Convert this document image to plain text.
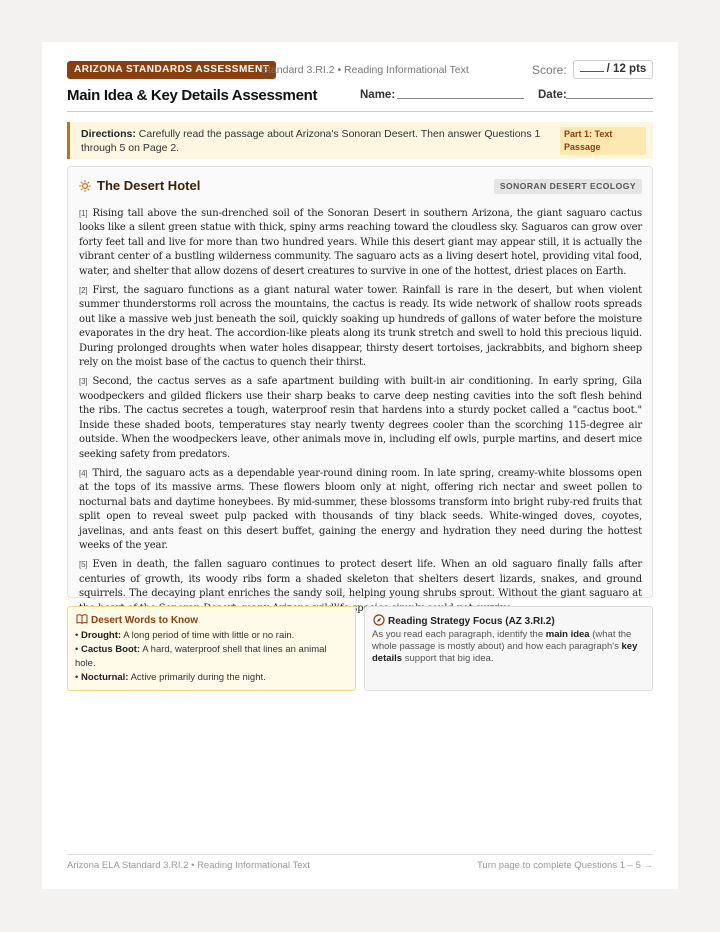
ARIZONA STANDARDS ASSESSMENT
Standard 3.RI.2 • Reading Informational Text	Score:	/ 12 pts
Main Idea & Key Details Assessment	Name:	Date:
Directions: Carefully read the passage about Arizona's Sonoran Desert. Then answer Questions 1 through 5 on Page 2.
Part 1: Text Passage
The Desert Hotel	SONORAN DESERT ECOLOGY

[1] Rising tall above the sun-drenched soil of the Sonoran Desert in southern Arizona, the giant saguaro cactus looks like a silent green statue with thick, spiny arms reaching toward the cloudless sky. Saguaros can grow over forty feet tall and live for more than two hundred years. While this desert giant may appear still, it is actually the vibrant center of a bustling wilderness community. The saguaro acts as a living desert hotel, providing vital food, water, and shelter that allow dozens of desert creatures to survive in one of the hottest, driest places on Earth.

[2] First, the saguaro functions as a giant natural water tower. Rainfall is rare in the desert, but when violent summer thunderstorms roll across the mountains, the cactus is ready. Its wide network of shallow roots spreads out like a massive web just beneath the soil, quickly soaking up hundreds of gallons of water before the moisture evaporates in the dry heat. The accordion-like pleats along its trunk stretch and swell to hold this precious liquid. During prolonged droughts when water holes disappear, thirsty desert tortoises, jackrabbits, and bighorn sheep rely on the moist base of the cactus to quench their thirst.

[3] Second, the cactus serves as a safe apartment building with built-in air conditioning. In early spring, Gila woodpeckers and gilded flickers use their sharp beaks to carve deep nesting cavities into the soft flesh behind the ribs. The cactus secretes a tough, waterproof resin that hardens into a sturdy pocket called a "cactus boot." Inside these shaded boots, temperatures stay nearly twenty degrees cooler than the scorching 115-degree air outside. When the woodpeckers leave, other animals move in, including elf owls, purple martins, and desert mice seeking safety from predators.

[4] Third, the saguaro acts as a dependable year-round dining room. In late spring, creamy-white blossoms open at the tops of its massive arms. These flowers bloom only at night, offering rich nectar and sweet pollen to nocturnal bats and daytime honeybees. By mid-summer, these blossoms transform into bright ruby-red fruits that split open to reveal sweet pulp packed with thousands of tiny black seeds. White-winged doves, coyotes, javelinas, and ants feast on this desert buffet, gaining the energy and hydration they need during the hottest weeks of the year.

[5] Even in death, the fallen saguaro continues to protect desert life. When an old saguaro finally falls after centuries of growth, its woody ribs form a shaded skeleton that shelters desert lizards, snakes, and ground squirrels. The decaying plant enriches the sandy soil, helping young shrubs sprout. Without the giant saguaro at

Desert Words to Know
• Drought: A long period of time with little or no rain.
• Cactus Boot: A hard, waterproof shell that lines an animal hole.
• Nocturnal: Active primarily during the night.
Reading Strategy Focus (AZ 3.RI.2)
As you read each paragraph, identify the main idea (what the whole passage is mostly about) and how each paragraph's key details support that big idea.
Arizona ELA Standard 3.RI.2 • Reading Informational Text	Turn page to complete Questions 1 – 5 →
